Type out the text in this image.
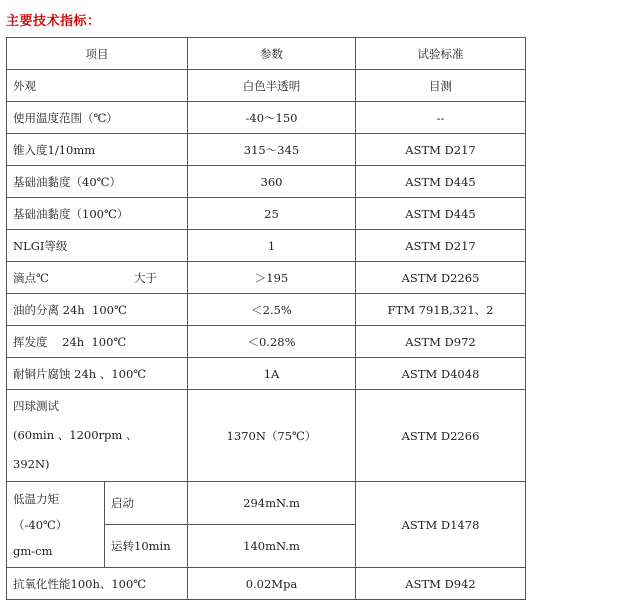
主要技术指标：
项目		参数	试验标准
外观		白色半透明	目测
使用温度范围（℃）		-40～150	--
锥入度1/10mm		315～345	ASTM D217
基础油黏度（40℃）		360	ASTM D445
基础油黏度（100℃）		25	ASTM D445
NLGI等级		1	ASTM D217

滴点℃ 大于		＞195	ASTM D2265
油的分离 24h  100℃		＜2.5%	FTM 791B,321、2
挥发度    24h  100℃		＜0.28%	ASTM D972
耐铜片腐蚀 24h 、100℃		1A	ASTM D4048

四球测试
(60min 、1200rpm 、
392N)		1370N（75℃）	ASTM D2266

低温力矩
（-40℃）
gm-cm	启动	294mN.m	ASTM D1478
	运转10min	140mN.m	
抗氧化性能100h、100℃		0.02Mpa	ASTM D942
